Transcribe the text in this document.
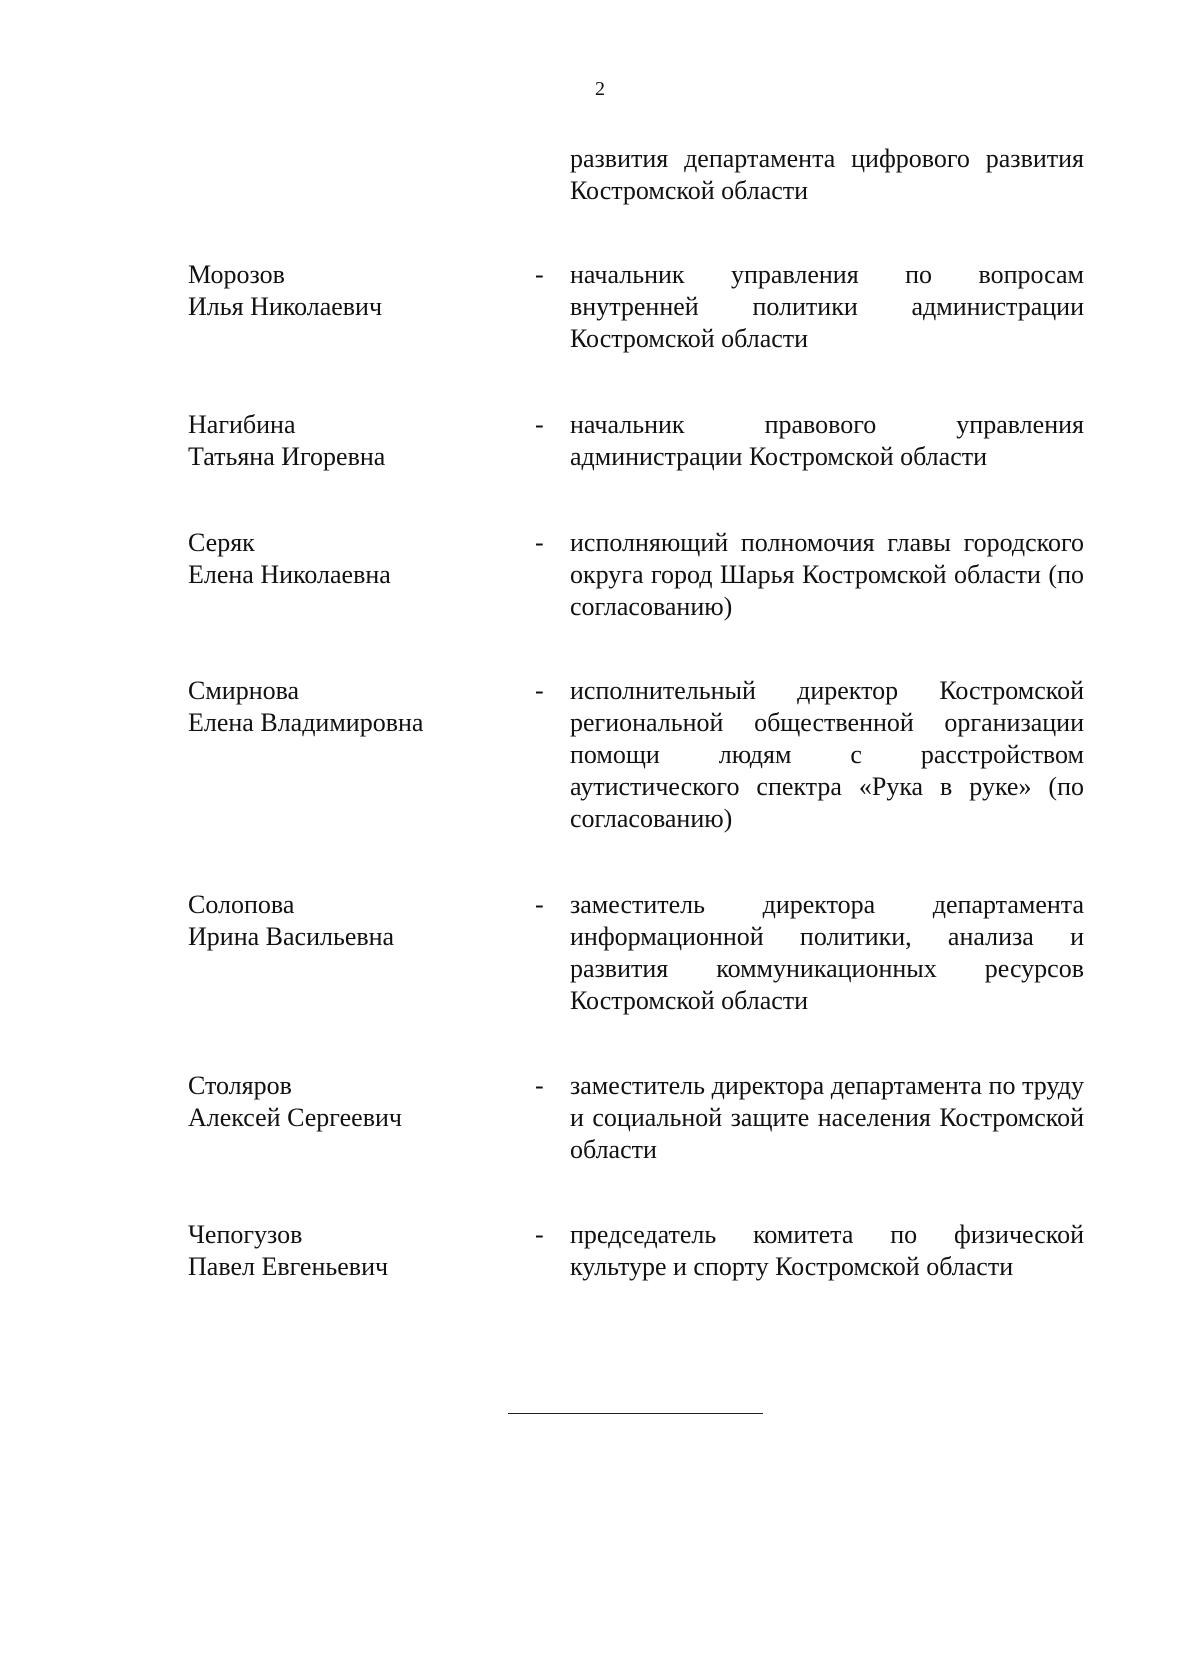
2
развития департамента цифрового развития Костромской области
Морозов
Илья Николаевич
- начальник управления по вопросам внутренней политики администрации Костромской области
Нагибина
Татьяна Игоревна
- начальник правового управления администрации Костромской области
Серяк
Елена Николаевна
- исполняющий полномочия главы городского округа город Шарья Костромской области (по согласованию)
Смирнова
Елена Владимировна
- исполнительный директор Костромской региональной общественной организации помощи людям с расстройством аутистического спектра «Рука в руке» (по согласованию)
Солопова
Ирина Васильевна
- заместитель директора департамента информационной политики, анализа и развития коммуникационных ресурсов Костромской области
Столяров
Алексей Сергеевич
- заместитель директора департамента по труду и социальной защите населения Костромской области
Чепогузов
Павел Евгеньевич
- председатель комитета по физической культуре и спорту Костромской области
